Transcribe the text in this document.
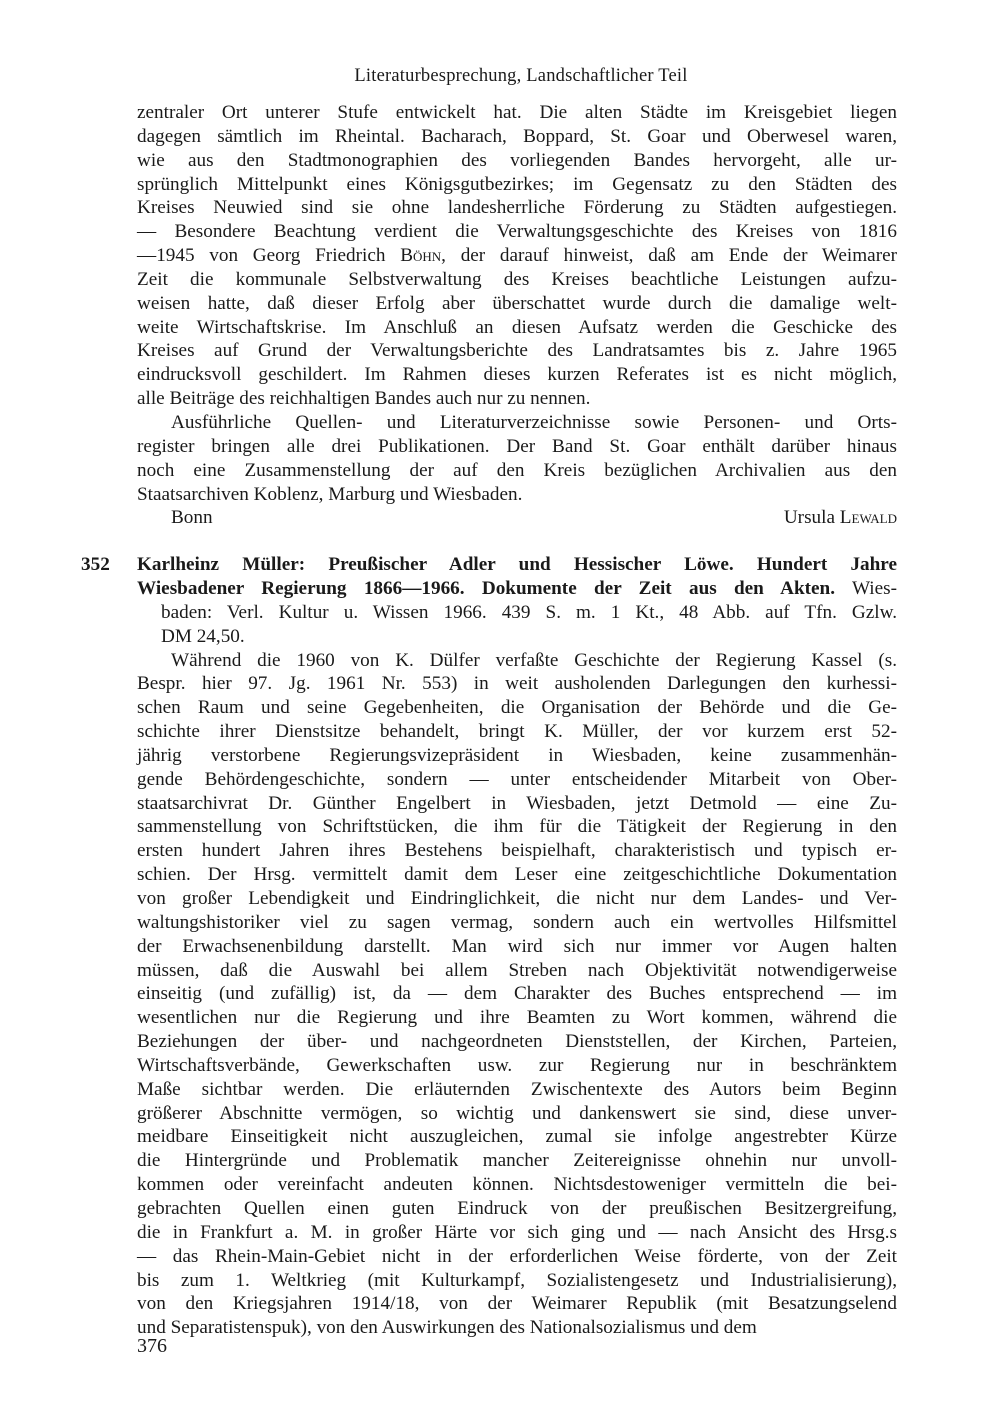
Literaturbesprechung, Landschaftlicher Teil
zentraler Ort unterer Stufe entwickelt hat. Die alten Städte im Kreisgebiet liegen
dagegen sämtlich im Rheintal. Bacharach, Boppard, St. Goar und Oberwesel waren,
wie aus den Stadtmonographien des vorliegenden Bandes hervorgeht, alle ur-
sprünglich Mittelpunkt eines Königsgutbezirkes; im Gegensatz zu den Städten des
Kreises Neuwied sind sie ohne landesherrliche Förderung zu Städten aufgestiegen.
— Besondere Beachtung verdient die Verwaltungsgeschichte des Kreises von 1816
—1945 von Georg Friedrich Böhn, der darauf hinweist, daß am Ende der Weimarer
Zeit die kommunale Selbstverwaltung des Kreises beachtliche Leistungen aufzu-
weisen hatte, daß dieser Erfolg aber überschattet wurde durch die damalige welt-
weite Wirtschaftskrise. Im Anschluß an diesen Aufsatz werden die Geschicke des
Kreises auf Grund der Verwaltungsberichte des Landratsamtes bis z. Jahre 1965
eindrucksvoll geschildert. Im Rahmen dieses kurzen Referates ist es nicht möglich,
alle Beiträge des reichhaltigen Bandes auch nur zu nennen.
Ausführliche Quellen- und Literaturverzeichnisse sowie Personen- und Orts-
register bringen alle drei Publikationen. Der Band St. Goar enthält darüber hinaus
noch eine Zusammenstellung der auf den Kreis bezüglichen Archivalien aus den
Staatsarchiven Koblenz, Marburg und Wiesbaden.
Bonn	Ursula Lewald
352 Karlheinz Müller: Preußischer Adler und Hessischer Löwe. Hundert Jahre
Wiesbadener Regierung 1866—1966. Dokumente der Zeit aus den Akten. Wies-
baden: Verl. Kultur u. Wissen 1966. 439 S. m. 1 Kt., 48 Abb. auf Tfn. Gzlw.
DM 24,50.
Während die 1960 von K. Dülfer verfaßte Geschichte der Regierung Kassel (s.
Bespr. hier 97. Jg. 1961 Nr. 553) in weit ausholenden Darlegungen den kurhessi-
schen Raum und seine Gegebenheiten, die Organisation der Behörde und die Ge-
schichte ihrer Dienstsitze behandelt, bringt K. Müller, der vor kurzem erst 52-
jährig verstorbene Regierungsvizepräsident in Wiesbaden, keine zusammenhän-
gende Behördengeschichte, sondern — unter entscheidender Mitarbeit von Ober-
staatsarchivrat Dr. Günther Engelbert in Wiesbaden, jetzt Detmold — eine Zu-
sammenstellung von Schriftstücken, die ihm für die Tätigkeit der Regierung in den
ersten hundert Jahren ihres Bestehens beispielhaft, charakteristisch und typisch er-
schien. Der Hrsg. vermittelt damit dem Leser eine zeitgeschichtliche Dokumentation
von großer Lebendigkeit und Eindringlichkeit, die nicht nur dem Landes- und Ver-
waltungshistoriker viel zu sagen vermag, sondern auch ein wertvolles Hilfsmittel
der Erwachsenenbildung darstellt. Man wird sich nur immer vor Augen halten
müssen, daß die Auswahl bei allem Streben nach Objektivität notwendigerweise
einseitig (und zufällig) ist, da — dem Charakter des Buches entsprechend — im
wesentlichen nur die Regierung und ihre Beamten zu Wort kommen, während die
Beziehungen der über- und nachgeordneten Dienststellen, der Kirchen, Parteien,
Wirtschaftsverbände, Gewerkschaften usw. zur Regierung nur in beschränktem
Maße sichtbar werden. Die erläuternden Zwischentexte des Autors beim Beginn
größerer Abschnitte vermögen, so wichtig und dankenswert sie sind, diese unver-
meidbare Einseitigkeit nicht auszugleichen, zumal sie infolge angestrebter Kürze
die Hintergründe und Problematik mancher Zeitereignisse ohnehin nur unvoll-
kommen oder vereinfacht andeuten können. Nichtsdestoweniger vermitteln die bei-
gebrachten Quellen einen guten Eindruck von der preußischen Besitzergreifung,
die in Frankfurt a. M. in großer Härte vor sich ging und — nach Ansicht des Hrsg.s
— das Rhein-Main-Gebiet nicht in der erforderlichen Weise förderte, von der Zeit
bis zum 1. Weltkrieg (mit Kulturkampf, Sozialistengesetz und Industrialisierung),
von den Kriegsjahren 1914/18, von der Weimarer Republik (mit Besatzungselend
und Separatistenspuk), von den Auswirkungen des Nationalsozialismus und dem
376
